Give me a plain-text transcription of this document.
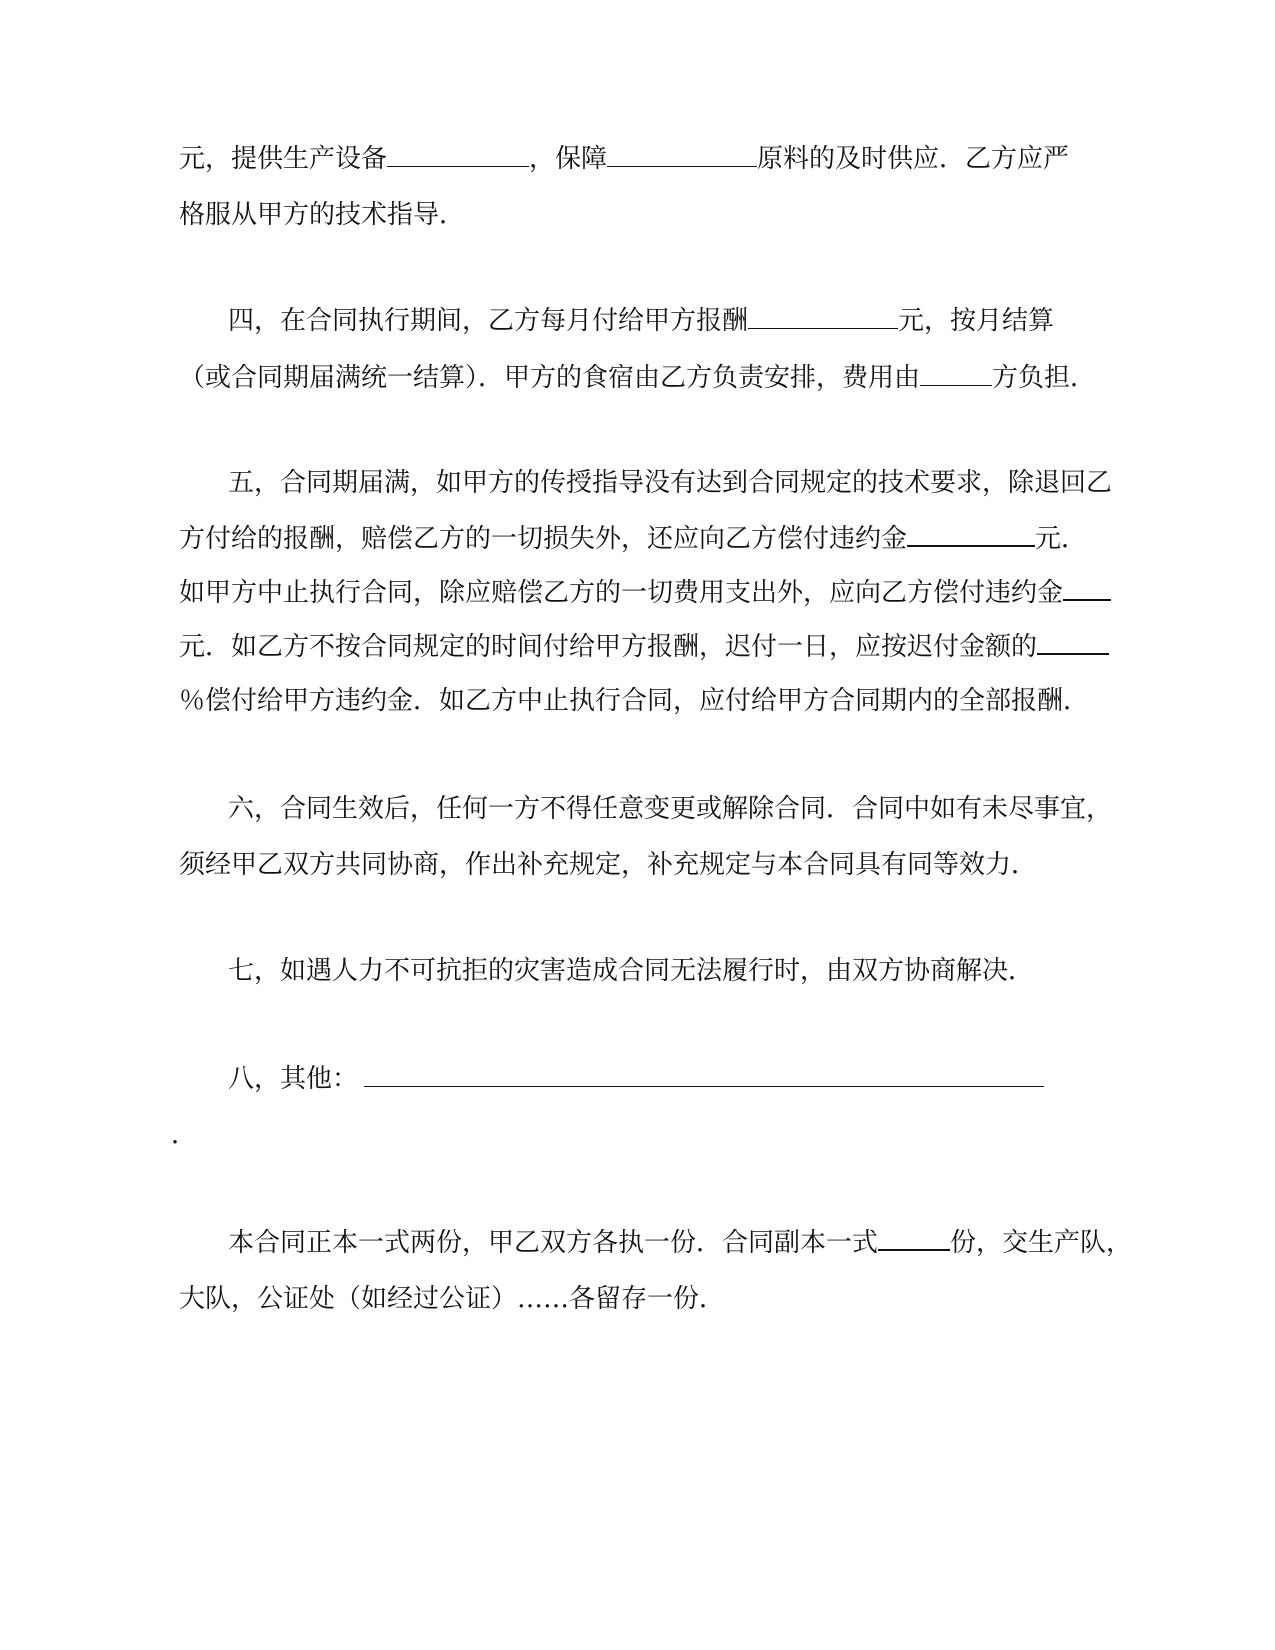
元，提供生产设备	，保障	原料的及时供应．乙方应严
格服从甲方的技术指导．
四，在合同执行期间，乙方每月付给甲方报酬	元，按月结算
（或合同期届满统一结算）．甲方的食宿由乙方负责安排，费用由	方负担．
五，合同期届满，如甲方的传授指导没有达到合同规定的技术要求，除退回乙
方付给的报酬，赔偿乙方的一切损失外，还应向乙方偿付违约金	元．
如甲方中止执行合同，除应赔偿乙方的一切费用支出外，应向乙方偿付违约金
元．如乙方不按合同规定的时间付给甲方报酬，迟付一日，应按迟付金额的
％偿付给甲方违约金．如乙方中止执行合同，应付给甲方合同期内的全部报酬．
六，合同生效后，任何一方不得任意变更或解除合同．合同中如有未尽事宜，
须经甲乙双方共同协商，作出补充规定，补充规定与本合同具有同等效力．
七，如遇人力不可抗拒的灾害造成合同无法履行时，由双方协商解决．
八，其他：
．
本合同正本一式两份，甲乙双方各执一份．合同副本一式	份，交生产队，
大队，公证处（如经过公证）……各留存一份．
